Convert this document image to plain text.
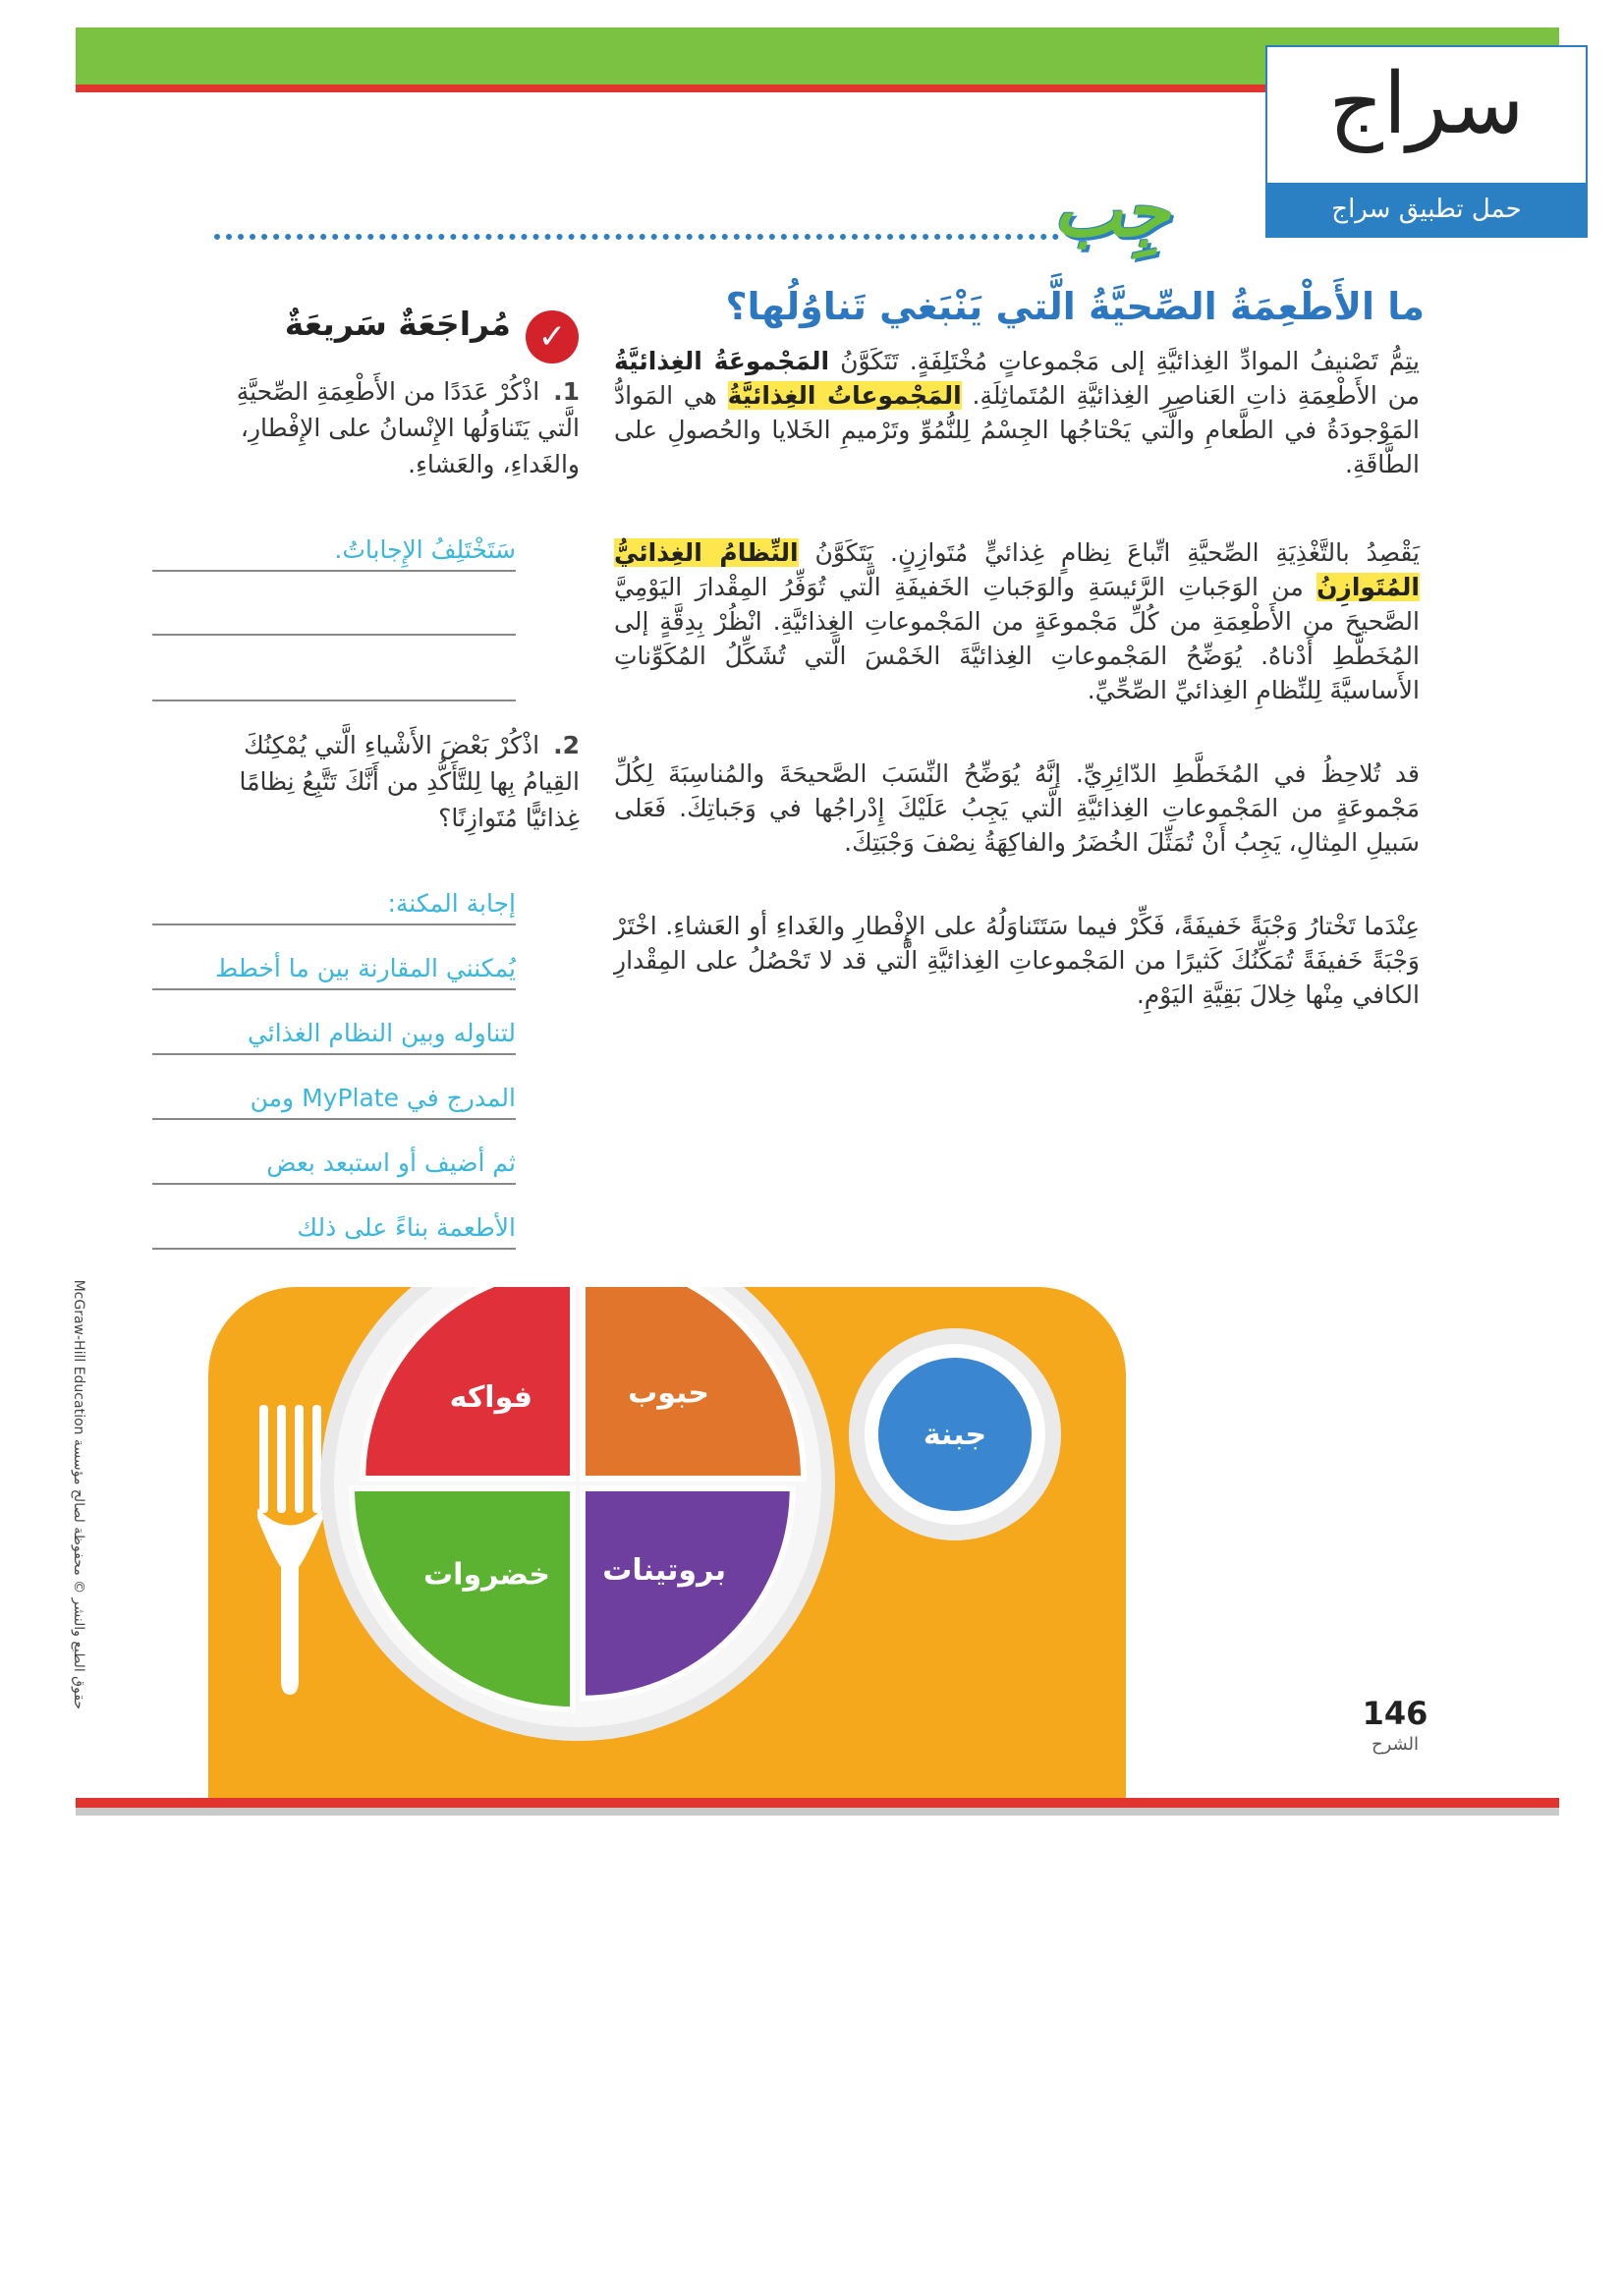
سراج
حمل تطبيق سراج
جِب
ما الأَطْعِمَةُ الصِّحيَّةُ الَّتي يَنْبَغي تَناوُلُها؟
يتِمُّ تَصْنيفُ الموادِّ الغِذائيَّةِ إلى مَجْموعاتٍ مُخْتَلِفَةٍ. تَتَكَوَّنُ المَجْموعَةُ الغِذائيَّةُ من الأَطْعِمَةِ ذاتِ العَناصِرِ الغِذائيَّةِ المُتَماثِلَةِ. المَجْموعاتُ الغِذائيَّةُ هي المَوادُّ المَوْجودَةُ في الطَّعامِ والَّتي يَحْتاجُها الجِسْمُ لِلنُّمُوِّ وتَرْميمِ الخَلايا والحُصولِ على الطَّاقَةِ.
يَقْصِدُ بالتَّغْذِيَةِ الصِّحيَّةِ اتِّباعَ نِظامٍ غِذائيٍّ مُتَوازِنٍ. يَتَكَوَّنُ النِّظامُ الغِذائيُّ المُتَوازِنُ من الوَجَباتِ الرَّئيسَةِ والوَجَباتِ الخَفيفَةِ الَّتي تُوَفِّرُ المِقْدارَ اليَوْمِيَّ الصَّحيحَ من الأَطْعِمَةِ من كُلِّ مَجْموعَةٍ من المَجْموعاتِ الغِذائيَّةِ. انْظُرْ بِدِقَّةٍ إلى المُخَطَّطِ أَدْناهُ. يُوَضِّحُ المَجْموعاتِ الغِذائيَّةَ الخَمْسَ الَّتي تُشَكِّلُ المُكَوِّناتِ الأَساسيَّةَ لِلنِّظامِ الغِذائيِّ الصِّحِّيِّ.
قد تُلاحِظُ في المُخَطَّطِ الدّائِرِيِّ. إنَّهُ يُوَضِّحُ النِّسَبَ الصَّحيحَةَ والمُناسِبَةَ لِكُلِّ مَجْموعَةٍ من المَجْموعاتِ الغِذائيَّةِ الَّتي يَجِبُ عَلَيْكَ إِدْراجُها في وَجَباتِكَ. فَعَلى سَبيلِ المِثالِ، يَجِبُ أَنْ تُمَثِّلَ الخُضَرُ والفاكِهَةُ نِصْفَ وَجْبَتِكَ.
عِنْدَما تَخْتارُ وَجْبَةً خَفيفَةً، فَكِّرْ فيما سَتَتَناوَلُهُ على الإِفْطارِ والغَداءِ أو العَشاءِ. اخْتَرْ وَجْبَةً خَفيفَةً تُمَكِّنُكَ كَثيرًا من المَجْموعاتِ الغِذائيَّةِ الَّتي قد لا تَحْصُلُ على المِقْدارِ الكافي مِنْها خِلالَ بَقِيَّةِ اليَوْمِ.
✓
مُراجَعَةٌ سَريعَةٌ
1. اذْكُرْ عَدَدًا من الأَطْعِمَةِ الصِّحيَّةِ الَّتي يَتَناوَلُها الإِنْسانُ على الإِفْطارِ، والغَداءِ، والعَشاءِ.
سَتَخْتَلِفُ الإِجاباتُ.
2. اذْكُرْ بَعْضَ الأَشْياءِ الَّتي يُمْكِنُكَ القِيامُ بِها لِلتَّأَكُّدِ من أَنَّكَ تَتَّبِعُ نِظامًا غِذائيًّا مُتَوازِنًا؟
إجابة المكنة:
يُمكنني المقارنة بين ما أخطط
لتناوله وبين النظام الغذائي
المدرج في MyPlate ومن
ثم أضيف أو استبعد بعض
الأطعمة بناءً على ذلك
حقوق الطبع والنشر © محفوظة لصالح مؤسسة McGraw-Hill Education
فواكه	حبوب
خضروات بروتينات
جبنة
146
الشرح
